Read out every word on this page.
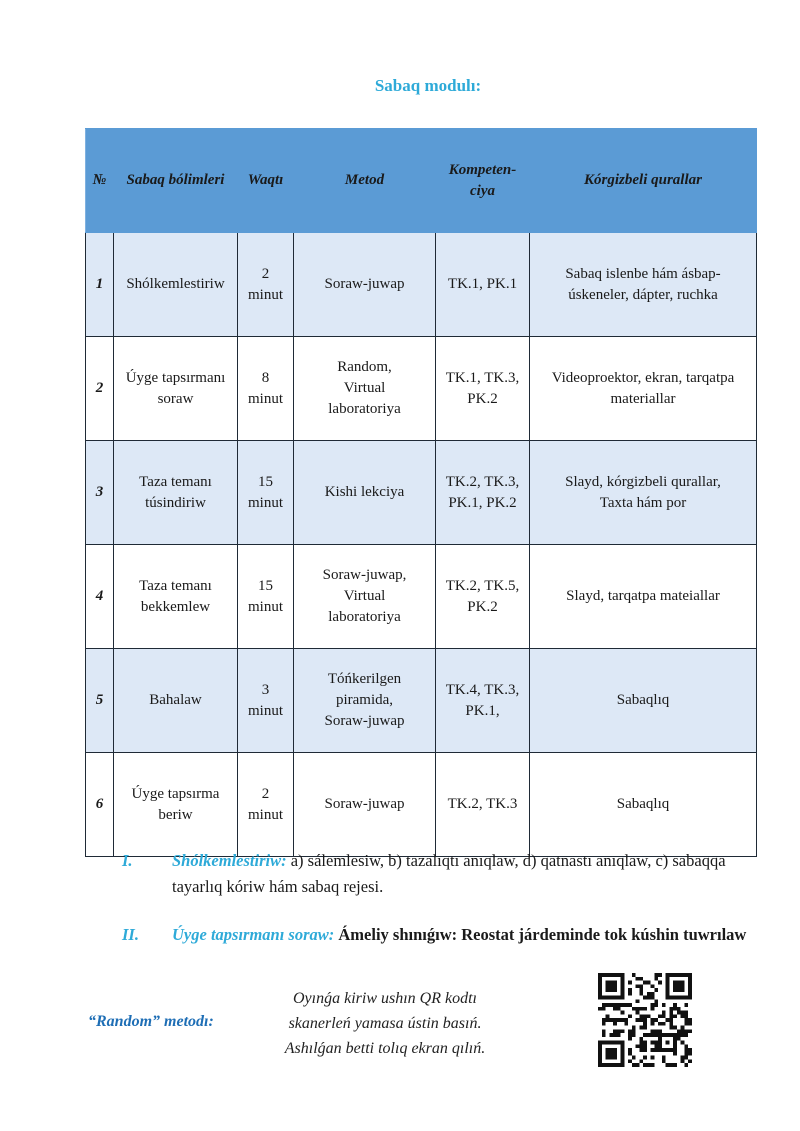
Sabaq modulı:
№	Sabaq bólimleri	Waqtı	Metod	Kompeten-
ciya	Kórgizbeli qurallar
1	Shólkemlestiriw	2
minut	Soraw-juwap	TK.1, PK.1	Sabaq islenbe hám ásbap-
úskeneler, dápter, ruchka
2	Úyge tapsırmanı
soraw	8
minut	Random,
Virtual
laboratoriya	TK.1, TK.3,
PK.2	Videoproektor, ekran, tarqatpa
materiallar
3	Taza temanı
túsindiriw	15
minut	Kishi lekciya	TK.2, TK.3,
PK.1, PK.2	Slayd, kórgizbeli qurallar,
Taxta hám por
4	Taza temanı
bekkemlew	15
minut	Soraw-juwap,
Virtual
laboratoriya	TK.2, TK.5,
PK.2	Slayd, tarqatpa mateiallar
5	Bahalaw	3
minut	Tóńkerilgen
piramida,
Soraw-juwap	TK.4, TK.3,
PK.1,	Sabaqlıq
6	Úyge tapsırma
beriw	2
minut	Soraw-juwap	TK.2, TK.3	Sabaqlıq
I. Shólkemlestiriw: a) sálemlesiw, b) tazalıqtı anıqlaw, d) qatnastı anıqlaw, c) sabaqqa tayarlıq kóriw hám sabaq rejesi.
II. Úyge tapsırmanı soraw: Ámeliy shınıǵıw: Reostat járdeminde tok kúshin tuwrılaw
“Random” metodı:
Oyınǵa kiriw ushın QR kodtı
skanerleń yamasa ústin basıń.
Ashılǵan betti tolıq ekran qılıń.
